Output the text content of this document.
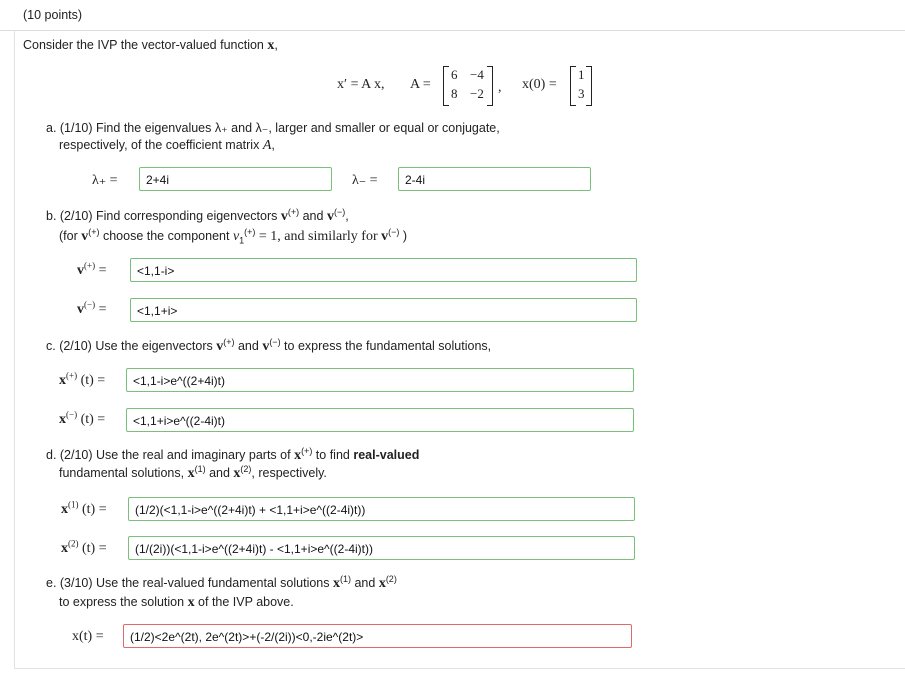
(10 points)
Consider the IVP the vector-valued function x,
x′ = A x, A =
6 −4
8 −2 , x(0) =
1
3
a. (1/10) Find the eigenvalues λ₊ and λ₋, larger and smaller or equal or conjugate,
respectively, of the coefficient matrix A,
λ₊ =	2+4i	λ₋ =	2-4i
b. (2/10) Find corresponding eigenvectors v(+) and v(−),
(for v(+) choose the component $v_1^{(+)} = 1$, and similarly for v(−) )
v(+) =	<1,1-i>
v(−) =	<1,1+i>
c. (2/10) Use the eigenvectors v(+) and v(−) to express the fundamental solutions,
x(+) (t) =	<1,1-i>e^((2+4i)t)
x(−) (t) =	<1,1+i>e^((2-4i)t)
d. (2/10) Use the real and imaginary parts of x(+) to find real-valued
fundamental solutions, $x^{(1)}$ and $x^{(2)}$, respectively.
$x^{(1)}$ (t) =	(1/2)(<1,1-i>e^((2+4i)t) + <1,1+i>e^((2-4i)t))
$x^{(2)}$ (t) =	(1/(2i))(<1,1-i>e^((2+4i)t) - <1,1+i>e^((2-4i)t))
e. (3/10) Use the real-valued fundamental solutions $x^{(1)}$ and $x^{(2)}$
to express the solution x of the IVP above.
x(t) =	(1/2)<2e^(2t), 2e^(2t)>+(-2/(2i))<0,-2ie^(2t)>
